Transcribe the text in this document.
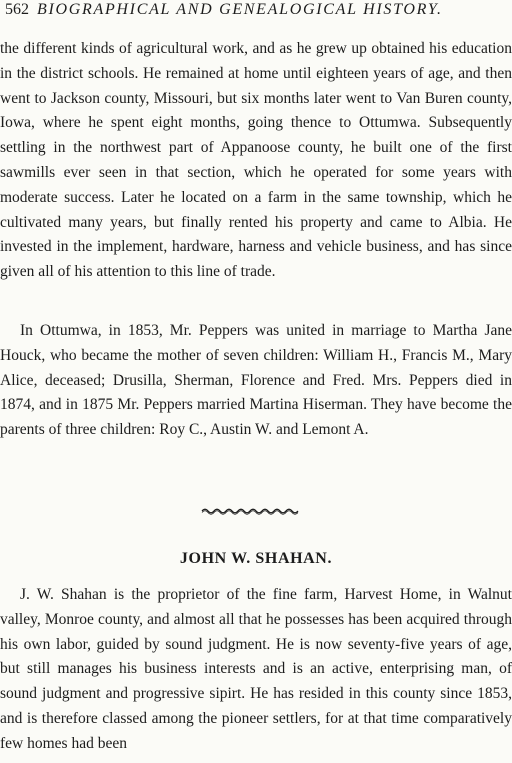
562 BIOGRAPHICAL AND GENEALOGICAL HISTORY.

the different kinds of agricultural work, and as he grew up obtained his education in the district schools. He remained at home until eighteen years of age, and then went to Jackson county, Missouri, but six months later went to Van Buren county, Iowa, where he spent eight months, going thence to Ottumwa. Subsequently settling in the northwest part of Appanoose county, he built one of the first sawmills ever seen in that section, which he operated for some years with moderate success. Later he located on a farm in the same township, which he cultivated many years, but finally rented his property and came to Albia. He invested in the implement, hardware, harness and vehicle business, and has since given all of his attention to this line of trade.

In Ottumwa, in 1853, Mr. Peppers was united in marriage to Martha Jane Houck, who became the mother of seven children: William H., Francis M., Mary Alice, deceased; Drusilla, Sherman, Florence and Fred. Mrs. Peppers died in 1874, and in 1875 Mr. Peppers married Martina Hiserman. They have become the parents of three children: Roy C., Austin W. and Lemont A.

JOHN W. SHAHAN.

J. W. Shahan is the proprietor of the fine farm, Harvest Home, in Walnut valley, Monroe county, and almost all that he possesses has been acquired through his own labor, guided by sound judgment. He is now seventy-five years of age, but still manages his business interests and is an active, enterprising man, of sound judgment and progressive sipirt. He has resided in this county since 1853, and is therefore classed among the pioneer settlers, for at that time comparatively few homes had been
